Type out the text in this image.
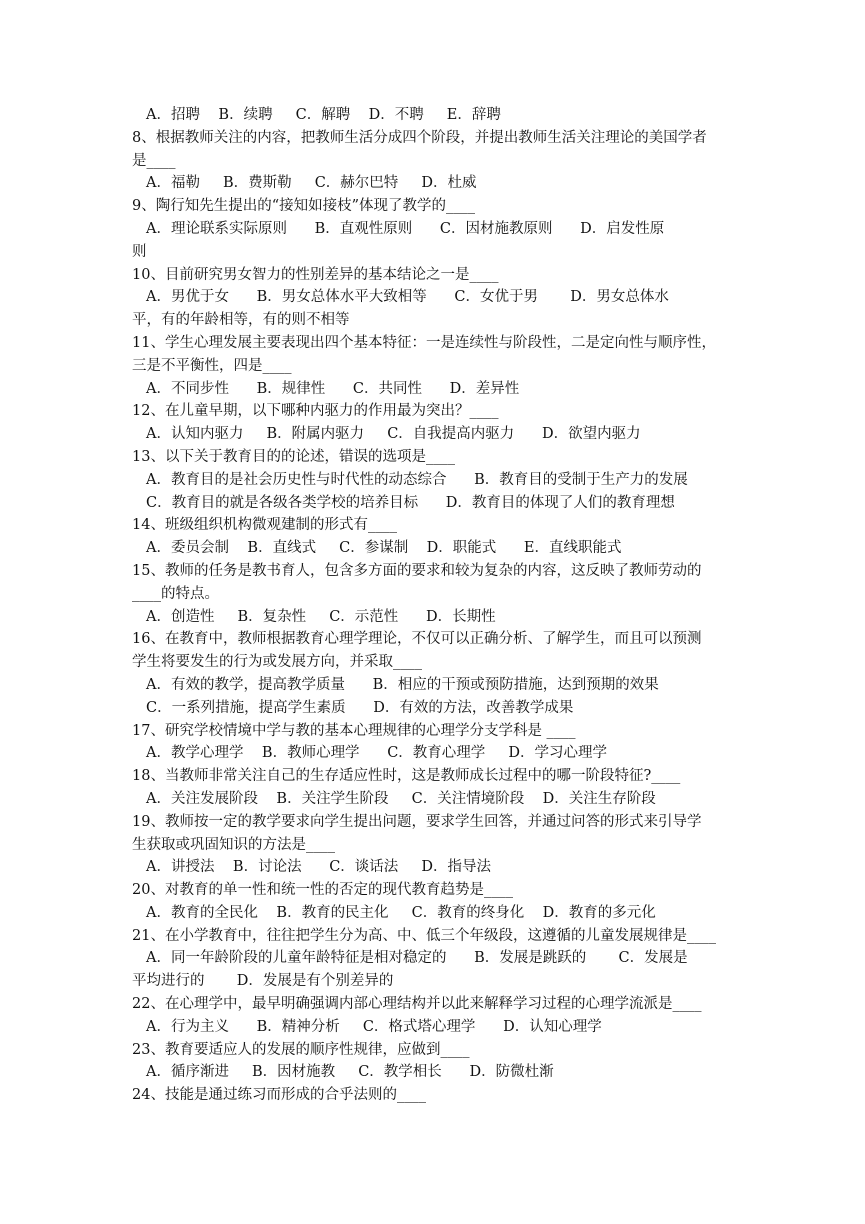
A．招聘    B．续聘     C．解聘    D．不聘     E．辞聘
8、根据教师关注的内容，把教师生活分成四个阶段，并提出教师生活关注理论的美国学者
是____
A．福勒     B．费斯勒     C．赫尔巴特     D．杜威
9、陶行知先生提出的“接知如接枝”体现了教学的____
A．理论联系实际原则      B．直观性原则      C．因材施教原则      D．启发性原
则
10、目前研究男女智力的性别差异的基本结论之一是____
A．男优于女      B．男女总体水平大致相等      C．女优于男       D．男女总体水
平，有的年龄相等，有的则不相等
11、学生心理发展主要表现出四个基本特征：一是连续性与阶段性，二是定向性与顺序性，
三是不平衡性，四是____
A．不同步性      B．规律性      C．共同性      D．差异性
12、在儿童早期，以下哪种内驱力的作用最为突出？____
A．认知内驱力     B．附属内驱力     C．自我提高内驱力      D．欲望内驱力
13、以下关于教育目的的论述，错误的选项是____
A．教育目的是社会历史性与时代性的动态综合      B．教育目的受制于生产力的发展
C．教育目的就是各级各类学校的培养目标      D．教育目的体现了人们的教育理想
14、班级组织机构微观建制的形式有____
A．委员会制    B．直线式     C．参谋制    D．职能式      E．直线职能式
15、教师的任务是教书育人，包含多方面的要求和较为复杂的内容，这反映了教师劳动的
____的特点。
A．创造性     B．复杂性     C．示范性      D．长期性
16、在教育中，教师根据教育心理学理论，不仅可以正确分析、了解学生，而且可以预测
学生将要发生的行为或发展方向，并采取____
A．有效的教学，提高教学质量      B．相应的干预或预防措施，达到预期的效果
C．一系列措施，提高学生素质      D．有效的方法，改善教学成果
17、研究学校情境中学与教的基本心理规律的心理学分支学科是 ____
A．教学心理学    B．教师心理学      C．教育心理学     D．学习心理学
18、当教师非常关注自己的生存适应性时，这是教师成长过程中的哪一阶段特征?____
A．关注发展阶段    B．关注学生阶段     C．关注情境阶段    D．关注生存阶段
19、教师按一定的教学要求向学生提出问题，要求学生回答，并通过问答的形式来引导学
生获取或巩固知识的方法是____
A．讲授法    B．讨论法      C．谈话法     D．指导法
20、对教育的单一性和统一性的否定的现代教育趋势是____
A．教育的全民化    B．教育的民主化     C．教育的终身化    D．教育的多元化
21、在小学教育中，往往把学生分为高、中、低三个年级段，这遵循的儿童发展规律是____
A．同一年龄阶段的儿童年龄特征是相对稳定的      B．发展是跳跃的       C．发展是
平均进行的       D．发展是有个别差异的
22、在心理学中，最早明确强调内部心理结构并以此来解释学习过程的心理学流派是____
A．行为主义      B．精神分析     C．格式塔心理学      D．认知心理学
23、教育要适应人的发展的顺序性规律，应做到____
A．循序渐进     B．因材施教     C．教学相长      D．防微杜渐
24、技能是通过练习而形成的合乎法则的____
